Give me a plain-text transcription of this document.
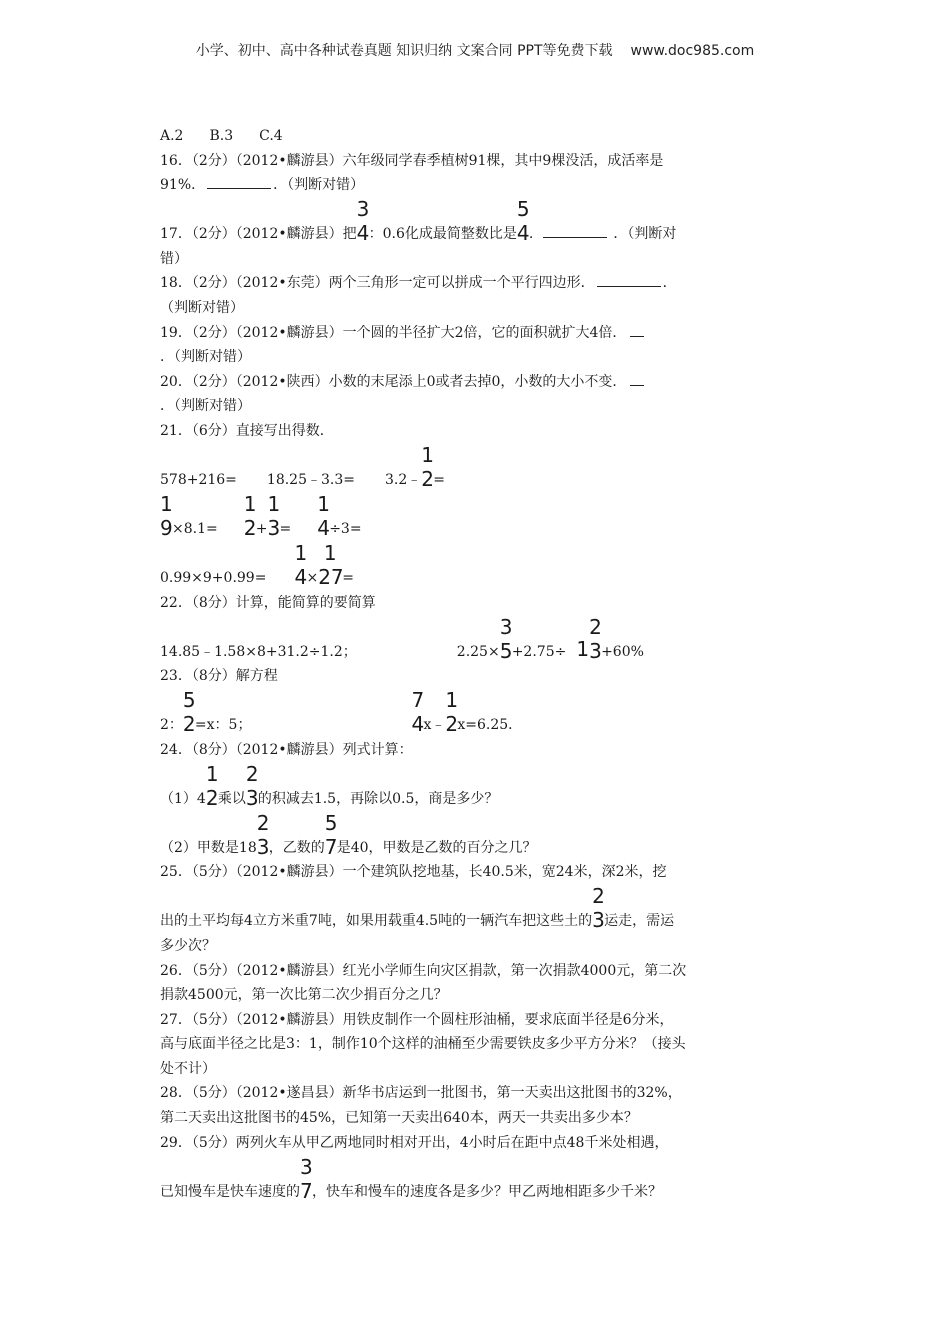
小学、初中、高中各种试卷真题 知识归纳 文案合同 PPT等免费下载 www.doc985.com
A.2 B.3 C.4
16．（2分）（2012•麟游县）六年级同学春季植树91棵，其中9棵没活，成活率是
91%．	．（判断对错）
17．（2分）（2012•麟游县）把
3
4：0.6化成最简整数比是
5
4.	．（判断对
错）
18．（2分）（2012•东莞）两个三角形一定可以拼成一个平行四边形．	．
（判断对错）
19．（2分）（2012•麟游县）一个圆的半径扩大2倍，它的面积就扩大4倍．
．（判断对错）
20．（2分）（2012•陕西）小数的末尾添上0或者去掉0，小数的大小不变．
．（判断对错）
21．（6分）直接写出得数．
578+216= 18.25﹣3.3= 3.2﹣
1
2=
1
9×8.1=
1
2+
1
3=
1
4÷3=
0.99×9+0.99=
1
4×
1
27=
22．（8分）计算，能简算的要简算
14.85﹣1.58×8+31.2÷1.2；	2.25×
3
5+2.75÷ 1
2
3+60%
23．（8分）解方程
2：
5
2=x：5；
7
4x﹣
1
2x=6.25．
24．（8分）（2012•麟游县）列式计算：
（1）4
1
2乘以
2
3的积减去1.5，再除以0.5，商是多少？
（2）甲数是18
2
3，乙数的
5
7是40，甲数是乙数的百分之几？
25．（5分）（2012•麟游县）一个建筑队挖地基，长40.5米，宽24米，深2米，挖
出的土平均每4立方米重7吨，如果用载重4.5吨的一辆汽车把这些土的
2
3运走，需运
多少次？
26．（5分）（2012•麟游县）红光小学师生向灾区捐款，第一次捐款4000元，第二次
捐款4500元，第一次比第二次少捐百分之几？
27．（5分）（2012•麟游县）用铁皮制作一个圆柱形油桶，要求底面半径是6分米，
高与底面半径之比是3：1，制作10个这样的油桶至少需要铁皮多少平方分米？（接头
处不计）
28．（5分）（2012•遂昌县）新华书店运到一批图书，第一天卖出这批图书的32%，
第二天卖出这批图书的45%，已知第一天卖出640本，两天一共卖出多少本？
29．（5分）两列火车从甲乙两地同时相对开出，4小时后在距中点48千米处相遇，
已知慢车是快车速度的
3
7，快车和慢车的速度各是多少？甲乙两地相距多少千米？
